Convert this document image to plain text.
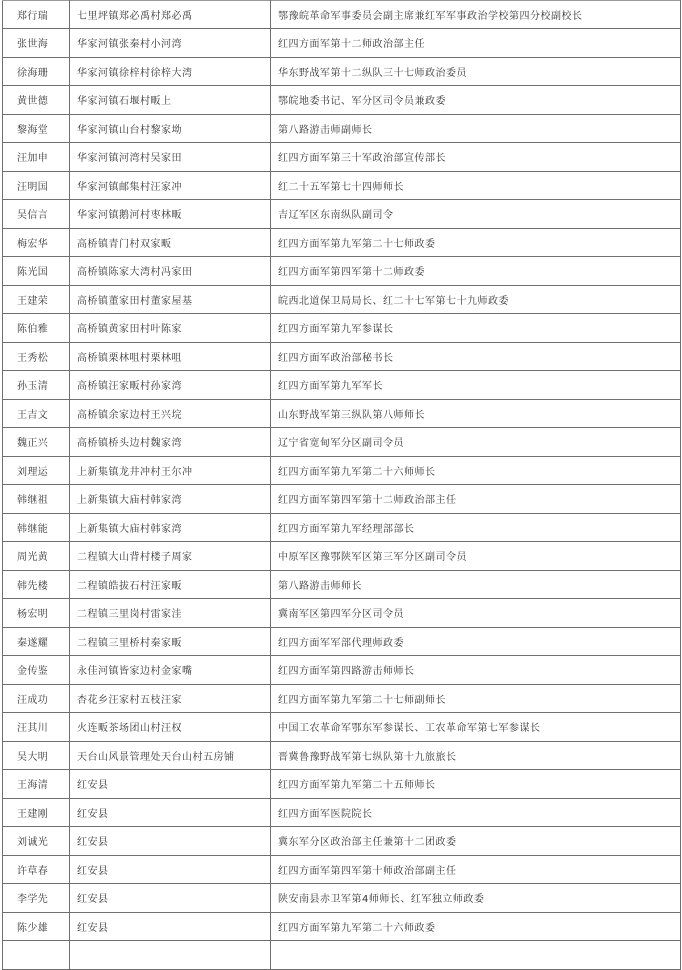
郑行瑞	七里坪镇郑必禹村郑必禹	鄂豫皖革命军事委员会副主席兼红军军事政治学校第四分校副校长
张世海	华家河镇张秦村小河湾	红四方面军第十二师政治部主任
徐海珊	华家河镇徐梓村徐梓大湾	华东野战军第十二纵队三十七师政治委员
黄世德	华家河镇石堰村畈上	鄂皖地委书记、军分区司令员兼政委
黎海堂	华家河镇山台村黎家坳	第八路游击师副师长
汪加申	华家河镇河湾村吴家田	红四方面军第三十军政治部宣传部长
汪明国	华家河镇邮集村汪家冲	红二十五军第七十四师师长
吴信言	华家河镇鹅河村枣林畈	吉辽军区东南纵队副司令
梅宏华	高桥镇青门村双家畈	红四方面军第九军第二十七师政委
陈光国	高桥镇陈家大湾村冯家田	红四方面军第四军第十二师政委
王建荣	高桥镇董家田村董家屋基	皖西北道保卫局局长、红二十七军第七十九师政委
陈伯雅	高桥镇黄家田村叶陈家	红四方面军第九军参谋长
王秀松	高桥镇栗林咀村栗林咀	红四方面军政治部秘书长
孙玉清	高桥镇汪家畈村孙家湾	红四方面军第九军军长
王吉文	高桥镇余家边村王兴垸	山东野战军第三纵队第八师师长
魏正兴	高桥镇桥头边村魏家湾	辽宁省宽甸军分区副司令员
刘理运	上新集镇龙井冲村王尔冲	红四方面军第九军第二十六师师长
韩继祖	上新集镇大庙村韩家湾	红四方面军第四军第十二师政治部主任
韩继能	上新集镇大庙村韩家湾	红四方面军第九军经理部部长
周光黄	二程镇大山背村楼子周家	中原军区豫鄂陕军区第三军分区副司令员
韩先楼	二程镇皓拔石村汪家畈	第八路游击师师长
杨宏明	二程镇三里岗村雷家洼	冀南军区第四军分区司令员
秦遂耀	二程镇三里桥村秦家畈	红四方面军军部代理师政委
金传鉴	永佳河镇皆家边村金家嘴	红四方面军第四路游击师师长
汪成功	杏花乡汪家村五枝汪家	红四方面军第九军第二十七师副师长
汪其川	火连畈茶场团山村汪权	中国工农革命军鄂东军参谋长、工农革命军第七军参谋长
吴大明	天台山风景管理处天台山村五房铺	晋冀鲁豫野战军第七纵队第十九旅旅长
王海清	红安县	红四方面军第九军第二十五师师长
王建刚	红安县	红四方面军医院院长
刘诚光	红安县	冀东军分区政治部主任兼第十二团政委
许草春	红安县	红四方面军第四军第十师政治部副主任
李学先	红安县	陕安南县赤卫军第4师师长、红军独立师政委
陈少雄	红安县	红四方面军第九军第二十六师政委
